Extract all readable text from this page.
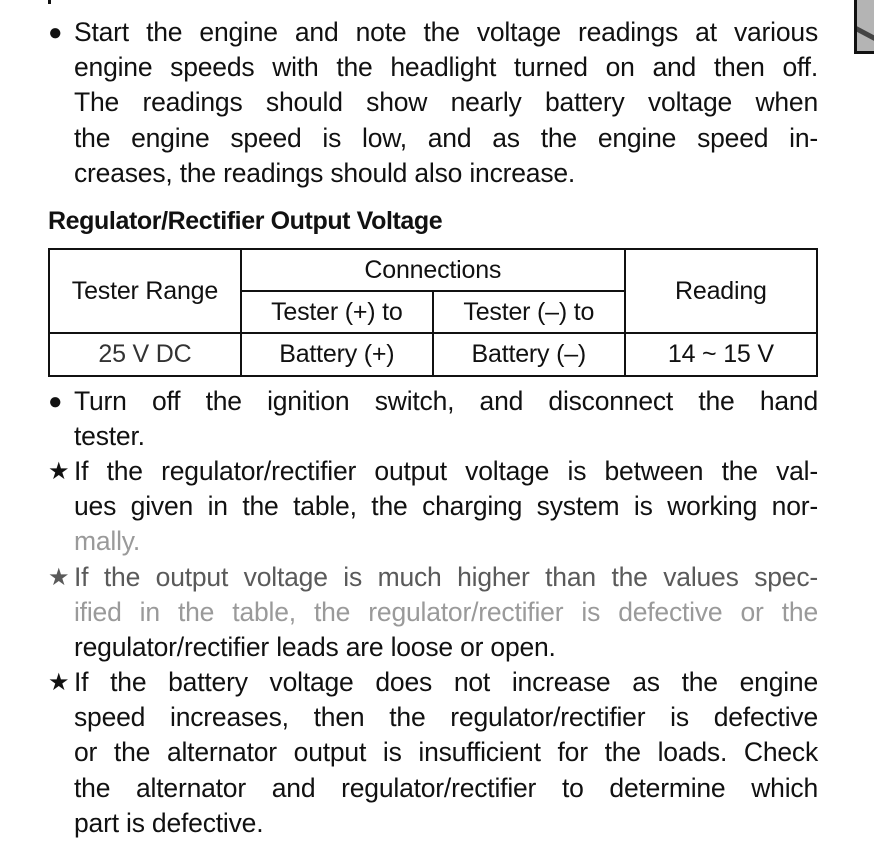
● Start the engine and note the voltage readings at various
engine speeds with the headlight turned on and then off.
The readings should show nearly battery voltage when
the engine speed is low, and as the engine speed in-
creases, the readings should also increase.
Regulator/Rectifier Output Voltage
Tester Range	Connections		Reading
	Tester (+) to	Tester (–) to	
25 V DC	Battery (+)	Battery (–)	14 ~ 15 V
● Turn off the ignition switch, and disconnect the hand
tester.
★ If the regulator/rectifier output voltage is between the val-
ues given in the table, the charging system is working nor-
mally.
★ If the output voltage is much higher than the values spec-
ified in the table, the regulator/rectifier is defective or the
regulator/rectifier leads are loose or open.
★ If the battery voltage does not increase as the engine
speed increases, then the regulator/rectifier is defective
or the alternator output is insufficient for the loads. Check
the alternator and regulator/rectifier to determine which
part is defective.
